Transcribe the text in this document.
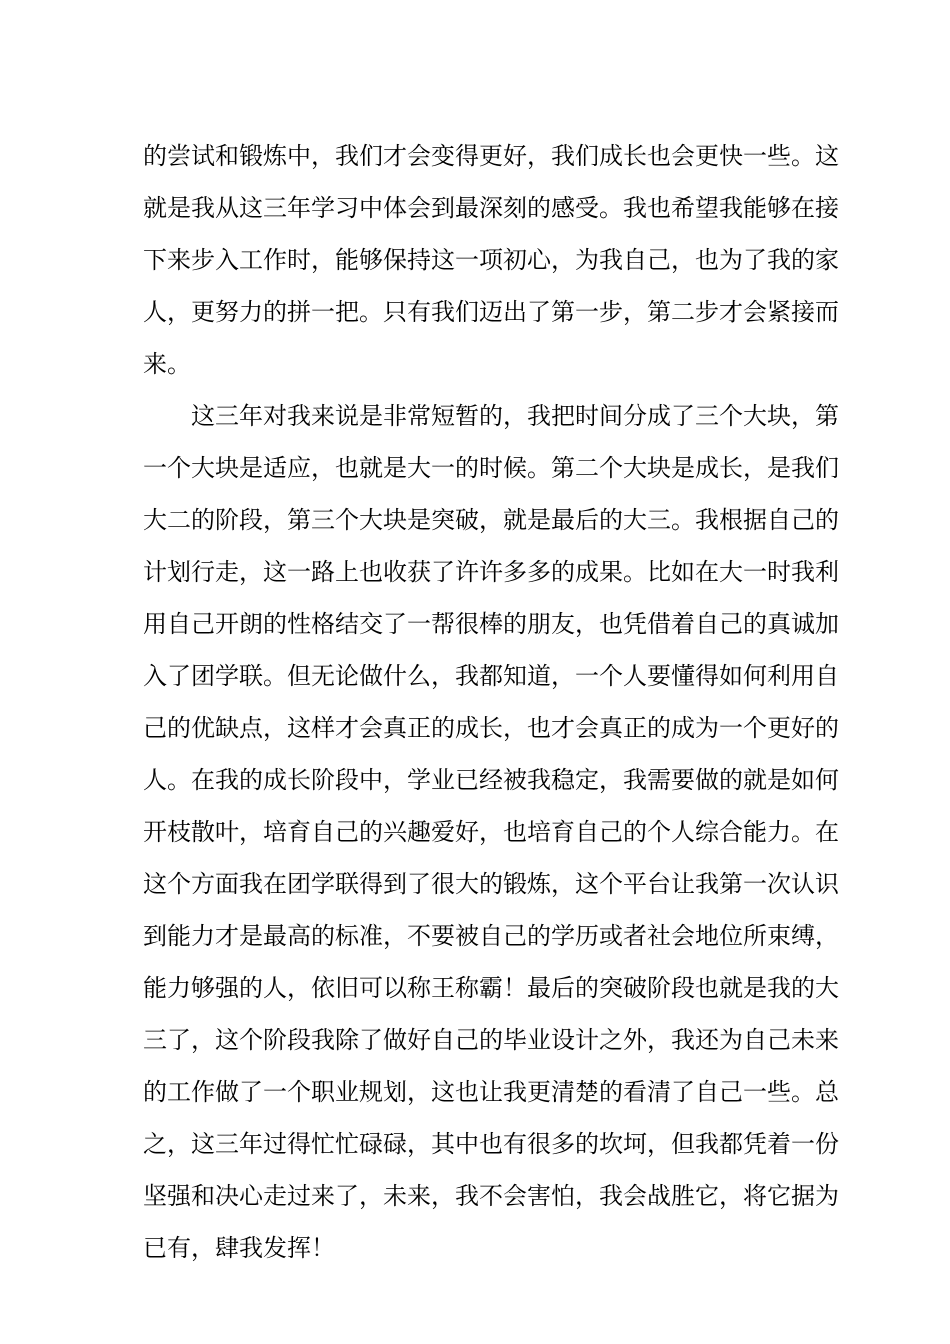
的尝试和锻炼中，我们才会变得更好，我们成长也会更快一些。这
就是我从这三年学习中体会到最深刻的感受。我也希望我能够在接
下来步入工作时，能够保持这一项初心，为我自己，也为了我的家
人，更努力的拼一把。只有我们迈出了第一步，第二步才会紧接而
来。
　　这三年对我来说是非常短暂的，我把时间分成了三个大块，第
一个大块是适应，也就是大一的时候。第二个大块是成长，是我们
大二的阶段，第三个大块是突破，就是最后的大三。我根据自己的
计划行走，这一路上也收获了许许多多的成果。比如在大一时我利
用自己开朗的性格结交了一帮很棒的朋友，也凭借着自己的真诚加
入了团学联。但无论做什么，我都知道，一个人要懂得如何利用自
己的优缺点，这样才会真正的成长，也才会真正的成为一个更好的
人。在我的成长阶段中，学业已经被我稳定，我需要做的就是如何
开枝散叶，培育自己的兴趣爱好，也培育自己的个人综合能力。在
这个方面我在团学联得到了很大的锻炼，这个平台让我第一次认识
到能力才是最高的标准，不要被自己的学历或者社会地位所束缚，
能力够强的人，依旧可以称王称霸！最后的突破阶段也就是我的大
三了，这个阶段我除了做好自己的毕业设计之外，我还为自己未来
的工作做了一个职业规划，这也让我更清楚的看清了自己一些。总
之，这三年过得忙忙碌碌，其中也有很多的坎坷，但我都凭着一份
坚强和决心走过来了，未来，我不会害怕，我会战胜它，将它据为
已有，肆我发挥！
